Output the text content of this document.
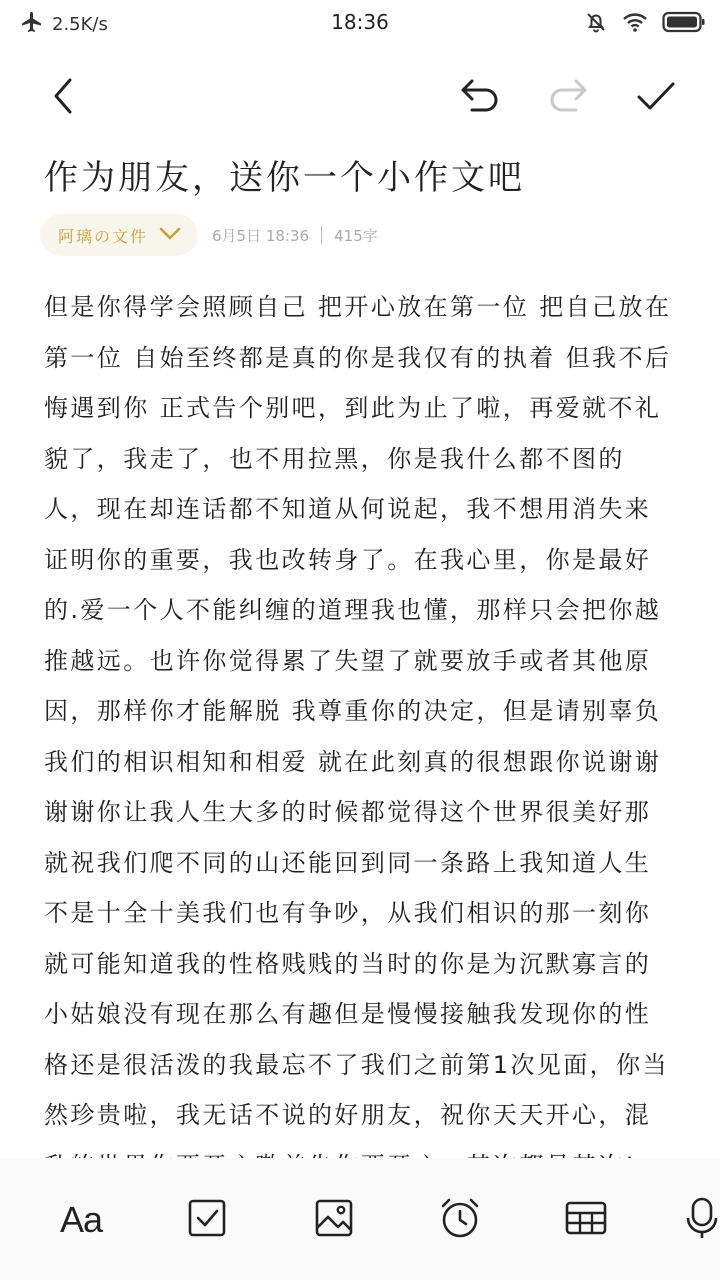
2.5K/s	18:36
作为朋友，送你一个小作文吧
阿璃の文件	6月5日 18:36 415字
但是你得学会照顾自己 把开心放在第一位 把自己放在第一位 自始至终都是真的你是我仅有的执着 但我不后悔遇到你 正式告个别吧，到此为止了啦，再爱就不礼貌了，我走了，也不用拉黑，你是我什么都不图的人，现在却连话都不知道从何说起，我不想用消失来证明你的重要，我也改转身了。在我心里，你是最好的.爱一个人不能纠缠的道理我也懂，那样只会把你越推越远。也许你觉得累了失望了就要放手或者其他原因，那样你才能解脱 我尊重你的决定，但是请别辜负我们的相识相知和相爱 就在此刻真的很想跟你说谢谢谢谢你让我人生大多的时候都觉得这个世界很美好那就祝我们爬不同的山还能回到同一条路上我知道人生不是十全十美我们也有争吵，从我们相识的那一刻你就可能知道我的性格贱贱的当时的你是为沉默寡言的小姑娘没有现在那么有趣但是慢慢接触我发现你的性格还是很活泼的我最忘不了我们之前第1次见面，你当然珍贵啦，我无话不说的好朋友，祝你天天开心，混
Aa
